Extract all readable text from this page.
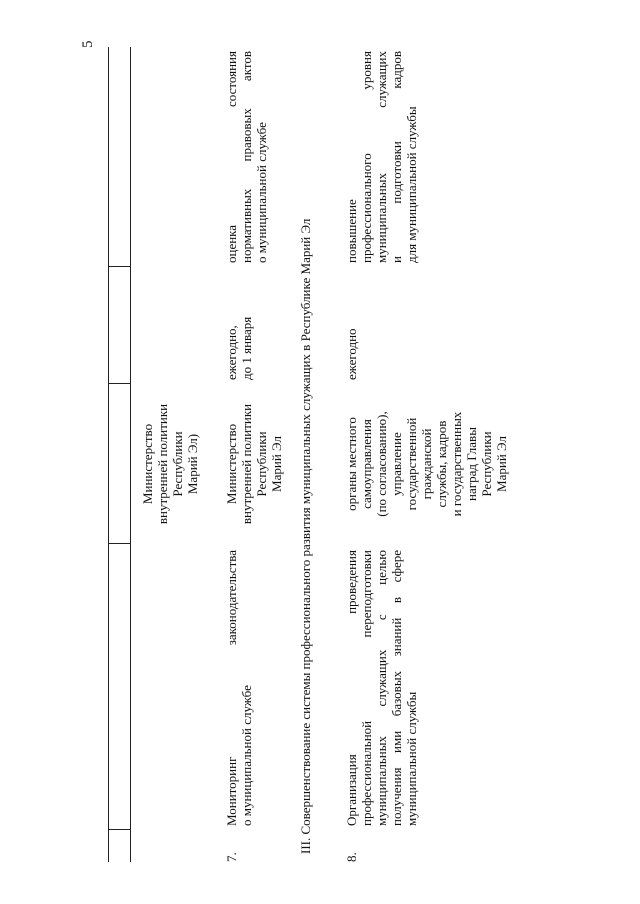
5
Министерство внутренней политики Республики Марий Эл)
7.
Мониторинг законодательства о муниципальной службе
Министерство внутренней политики Республики Марий Эл
ежегодно, до 1 января
оценка состояния нормативных правовых актов о муниципальной службе
III. Совершенствование системы профессионального развития муниципальных служащих в Республике Марий Эл
8.
Организация проведения профессиональной переподготовки муниципальных служащих с целью получения ими базовых знаний в сфере муниципальной службы
органы местного самоуправления (по согласованию), управление государственной гражданской службы, кадров и государственных наград Главы Республики Марий Эл
ежегодно
повышение профессионального уровня муниципальных служащих и подготовки кадров для муниципальной службы
